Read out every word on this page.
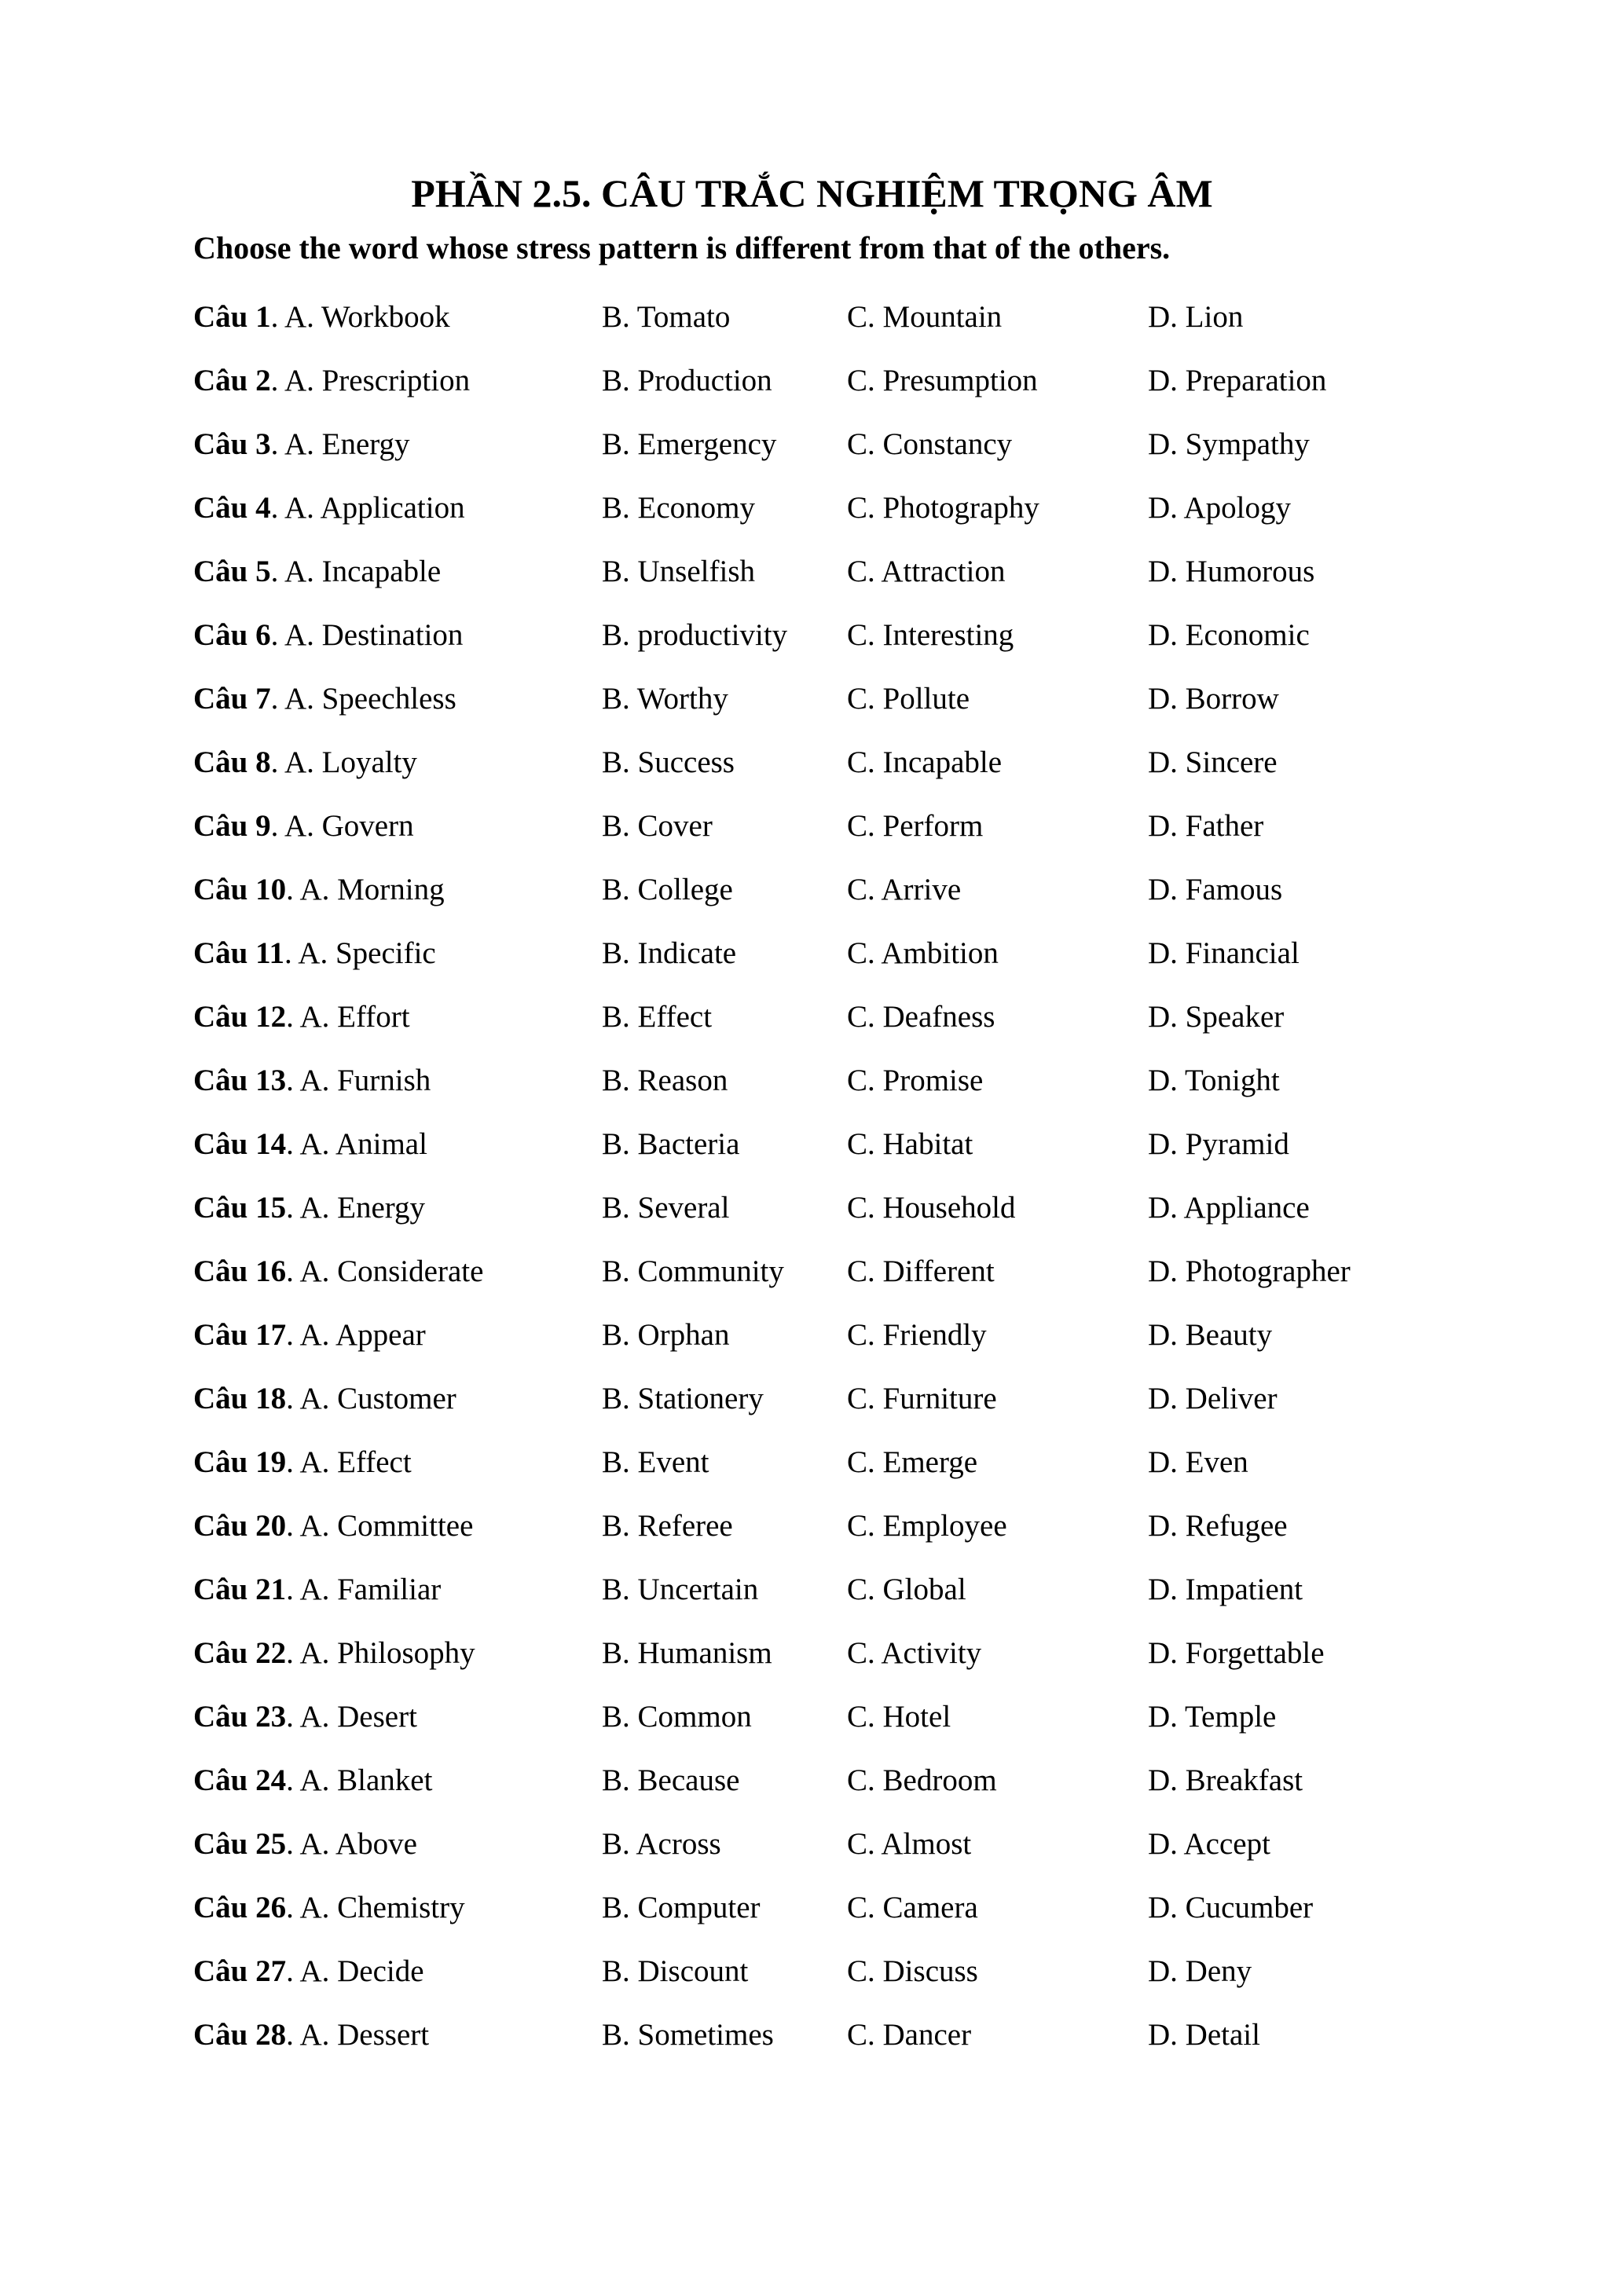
PHẦN 2.5. CÂU TRẮC NGHIỆM TRỌNG ÂM
Choose the word whose stress pattern is different from that of the others.
Câu 1. A. Workbook	B. Tomato	C. Mountain	D. Lion
Câu 2. A. Prescription	B. Production	C. Presumption	D. Preparation
Câu 3. A. Energy	B. Emergency	C. Constancy	D. Sympathy
Câu 4. A. Application	B. Economy	C. Photography	D. Apology
Câu 5. A. Incapable	B. Unselfish	C. Attraction	D. Humorous
Câu 6. A. Destination	B. productivity	C. Interesting	D. Economic
Câu 7. A. Speechless	B. Worthy	C. Pollute	D. Borrow
Câu 8. A. Loyalty	B. Success	C. Incapable	D. Sincere
Câu 9. A. Govern	B. Cover	C. Perform	D. Father
Câu 10. A. Morning	B. College	C. Arrive	D. Famous
Câu 11. A. Specific	B. Indicate	C. Ambition	D. Financial
Câu 12. A. Effort	B. Effect	C. Deafness	D. Speaker
Câu 13. A. Furnish	B. Reason	C. Promise	D. Tonight
Câu 14. A. Animal	B. Bacteria	C. Habitat	D. Pyramid
Câu 15. A. Energy	B. Several	C. Household	D. Appliance
Câu 16. A. Considerate	B. Community	C. Different	D. Photographer
Câu 17. A. Appear	B. Orphan	C. Friendly	D. Beauty
Câu 18. A. Customer	B. Stationery	C. Furniture	D. Deliver
Câu 19. A. Effect	B. Event	C. Emerge	D. Even
Câu 20. A. Committee	B. Referee	C. Employee	D. Refugee
Câu 21. A. Familiar	B. Uncertain	C. Global	D. Impatient
Câu 22. A. Philosophy	B. Humanism	C. Activity	D. Forgettable
Câu 23. A. Desert	B. Common	C. Hotel	D. Temple
Câu 24. A. Blanket	B. Because	C. Bedroom	D. Breakfast
Câu 25. A. Above	B. Across	C. Almost	D. Accept
Câu 26. A. Chemistry	B. Computer	C. Camera	D. Cucumber
Câu 27. A. Decide	B. Discount	C. Discuss	D. Deny
Câu 28. A. Dessert	B. Sometimes	C. Dancer	D. Detail
